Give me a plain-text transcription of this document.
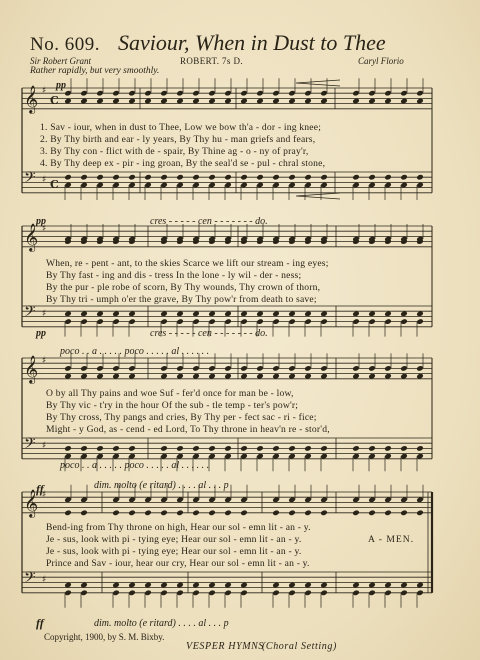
No. 609. Saviour, When in Dust to Thee
Sir Robert Grant	ROBERT. 7s D.	Caryl Florio
Rather rapidly, but very smoothly.
𝄞 ♯
C
𝄢 ♯ C
𝄞 ♯
𝄢 ♯
𝄞 ♯
𝄢 ♯
𝄞 ♯
𝄢 ♯
pp
1. Sav - iour, when in dust to Thee, Low we bow th'a - dor - ing knee;
2. By Thy birth and ear - ly years, By Thy hu - man griefs and fears,
3. By Thy con - flict with de - spair, By Thine ag - o - ny of pray'r,
4. By Thy deep ex - pir - ing groan, By the seal'd se - pul - chral stone,
pp	cres - - - - - cen - - - - - - - do.
When, re - pent - ant, to the skies Scarce we lift our stream - ing eyes;
By Thy fast - ing and dis - tress In the lone - ly wil - der - ness;
By the pur - ple robe of scorn, By Thy wounds, Thy crown of thorn,
By Thy tri - umph o'er the grave, By Thy pow'r from death to save;
pp	cres - - - - - cen - - - - - - - do.
poco . . a . . . . . poco . . . . . al . . . . . .
O by all Thy pains and woe Suf - fer'd once for man be - low,
By Thy vic - t'ry in the hour Of the sub - tle temp - ter's pow'r;
By Thy cross, Thy pangs and cries, By Thy per - fect sac - ri - fice;
Might - y God, as - cend - ed Lord, To Thy throne in heav'n re - stor'd,
poco . . a . . . . . poco . . . . . al . . . . . .
ff	dim. molto (e ritard) . . . . al . . . p
Bend-ing from Thy throne on high, Hear our sol - emn lit - an - y.
Je - sus, look with pi - tying eye; Hear our sol - emn lit - an - y.
Je - sus, look with pi - tying eye; Hear our sol - emn lit - an - y.
Prince and Sav - iour, hear our cry, Hear our sol - emn lit - an - y.
A - MEN.
ff	dim. molto (e ritard) . . . . al . . . p
Copyright, 1900, by S. M. Bixby.
VESPER HYMNS
(Choral Setting)
